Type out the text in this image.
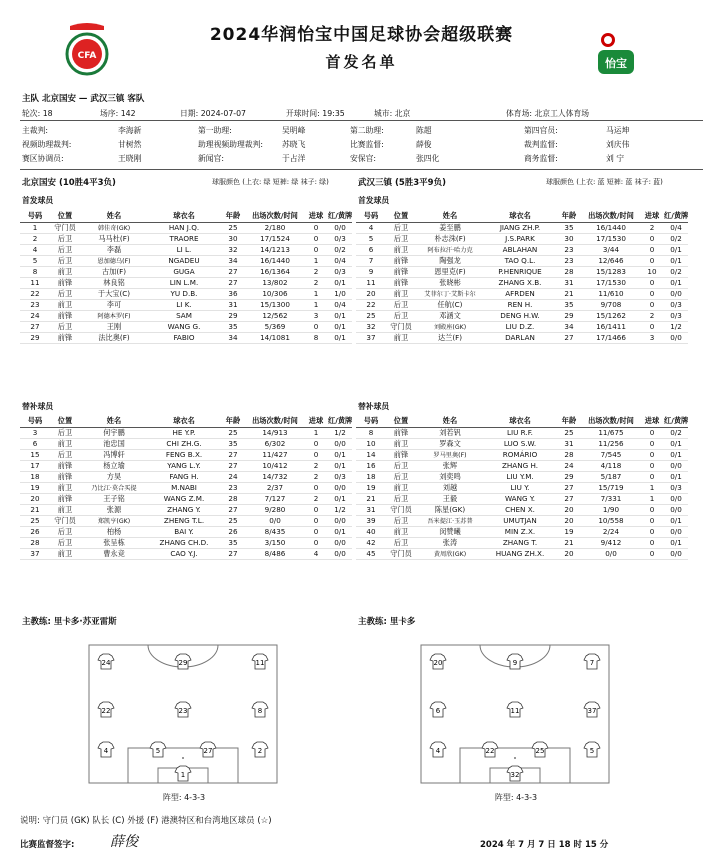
CFA
2024华润怡宝中国足球协会超级联赛
首发名单	怡宝
主队 北京国安 — 武汉三镇 客队
轮次: 18	场序: 142	日期: 2024-07-07	开球时间: 19:35	城市: 北京	体育场: 北京工人体育场
主裁判:	李海新	第一助理:	吴明峰	第二助理:	陈超	第四官员:	马运坤
视频助理裁判:	甘树然	助理视频助理裁判: 苏晓飞	比赛监督:	薛俊	裁判监督:	刘庆伟
赛区协调员:	王晓刚	新闻官:	于占洋	安保官:	张四化	商务监督:	刘 宁
北京国安 (10胜4平3负)	球服颜色 (上衣: 绿 短裤: 绿 袜子: 绿)	武汉三镇 (5胜3平9负)	球服颜色 (上衣: 蓝 短裤: 蓝 袜子: 蓝)
首发球员	首发球员
号码	位置	姓名	球衣名	年龄	出场次数/时间	进球	红/黄牌
1	守门员	韩佳奇(GK)	HAN J.Q.	25	2/180	0	0/0
2	后卫	马马杜(F)	TRAORE	30	17/1524	0	0/3
4	后卫	李磊	LI L.	32	14/1213	0	0/2
5	后卫	恩加德乌(F)	NGADEU	34	16/1440	1	0/4
8	前卫	古加(F)	GUGA	27	16/1364	2	0/3
11	前锋	林良铭	LIN L.M.	27	13/802	2	0/1
22	后卫	于大宝(C)	YU D.B.	36	10/306	1	1/0
23	前卫	李可	LI K.	31	15/1300	1	0/4
24	前锋	阿德本罗(F)	SAM	29	12/562	3	0/1
27	后卫	王刚	WANG G.	35	5/369	0	0/1
29	前锋	法比奥(F)	FABIO	34	14/1081	8	0/1
号码	位置	姓名	球衣名	年龄	出场次数/时间	进球	红/黄牌
4	后卫	姜至鹏	JIANG ZH.P.	35	16/1440	2	0/4
5	后卫	朴志洙(F)	J.S.PARK	30	17/1530	0	0/2
6	前卫	阿布拉汗·哈力克	ABLAHAN	23	3/44	0	0/1
7	前锋	陶强龙	TAO Q.L.	23	12/646	0	0/1
9	前锋	恩里克(F)	P.HENRIQUE	28	15/1283	10	0/2
11	前锋	张晓彬	ZHANG X.B.	31	17/1530	0	0/1
20	前卫	艾菲尔丁·艾斯卡尔	AFRDEN	21	11/610	0	0/0
22	后卫	任航(C)	REN H.	35	9/708	0	0/3
25	后卫	邓涵文	DENG H.W.	29	15/1262	2	0/3
32	守门员	刘殿座(GK)	LIU D.Z.	34	16/1411	0	1/2
37	前卫	达兰(F)	DARLAN	27	17/1466	3	0/0
替补球员	替补球员
号码	位置	姓名	球衣名	年龄	出场次数/时间	进球	红/黄牌
3	后卫	何宇鹏	HE Y.P.	25	14/913	1	1/2
6	前卫	池忠国	CHI ZH.G.	35	6/302	0	0/0
15	后卫	冯博轩	FENG B.X.	27	11/427	0	0/1
17	前锋	杨立瑜	YANG L.Y.	27	10/412	2	0/1
18	前锋	方昊	FANG H.	24	14/732	2	0/3
19	前卫	乃比江·莫合买提	M.NABI	23	2/37	0	0/0
20	前锋	王子铭	WANG Z.M.	28	7/127	2	0/1
21	前卫	张源	ZHANG Y.	27	9/280	0	1/2
25	守门员	郑凯亨(GK)	ZHENG T.L.	25	0/0	0	0/0
26	后卫	柏杨	BAI Y.	26	8/435	0	0/1
28	后卫	张呈栋	ZHANG CH.D.	35	3/150	0	0/0
37	前卫	曹永竞	CAO Y.J.	27	8/486	4	0/0
号码	位置	姓名	球衣名	年龄	出场次数/时间	进球	红/黄牌
8	前锋	刘若钒	LIU R.F.	25	11/675	0	0/2
10	前卫	罗森文	LUO S.W.	31	11/256	0	0/1
14	前锋	罗马里奥(F)	ROMÁRIO	28	7/545	0	0/1
16	后卫	张辉	ZHANG H.	24	4/118	0	0/0
18	后卫	刘奕鸣	LIU Y.M.	29	5/187	0	0/1
19	前卫	刘越	LIU Y.	27	15/719	1	0/3
21	后卫	王毅	WANG Y.	27	7/331	1	0/0
31	守门员	陈星(GK)	CHEN X.	20	1/90	0	0/0
39	后卫	吾米提江·玉苏普	UMUTJAN	20	10/558	0	0/1
40	前卫	闵赞曦	MIN Z.X.	19	2/24	0	0/0
42	后卫	张涛	ZHANG T.	21	9/412	0	0/1
45	守门员	黄周欣(GK)	HUANG ZH.X.	20	0/0	0	0/0
主教练: 里卡多·苏亚雷斯	主教练: 里卡多
24	29	11
22	23	8
4	5	27	2
1
20	9	7
6	11	37
4	22	25	5
32
阵型: 4-3-3	阵型: 4-3-3
说明: 守门员 (GK) 队长 (C) 外援 (F) 港澳特区和台湾地区球员 (☆)
比赛监督签字:	薛俊	2024 年 7 月 7 日 18 时 15 分
